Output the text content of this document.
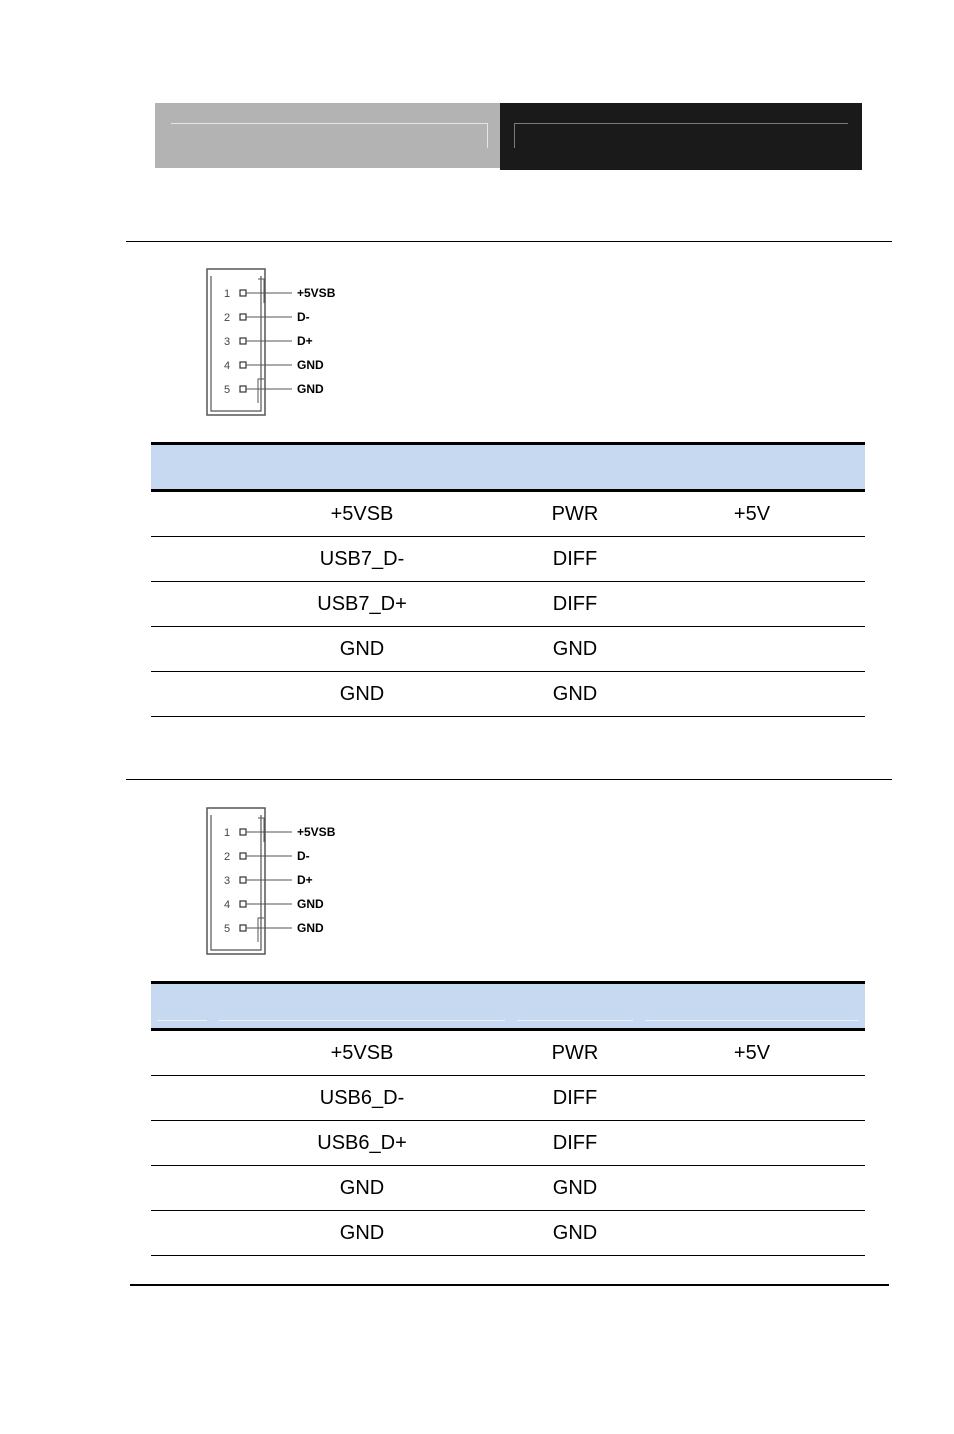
1	+5VSB
2	D-
3	D+
4	GND
5	GND

	+5VSB	PWR	+5V
	USB7_D-	DIFF	
	USB7_D+	DIFF	
	GND	GND	
	GND	GND	
1	+5VSB
2	D-
3	D+
4	GND
5	GND

	+5VSB	PWR	+5V
	USB6_D-	DIFF	
	USB6_D+	DIFF	
	GND	GND	
	GND	GND	
